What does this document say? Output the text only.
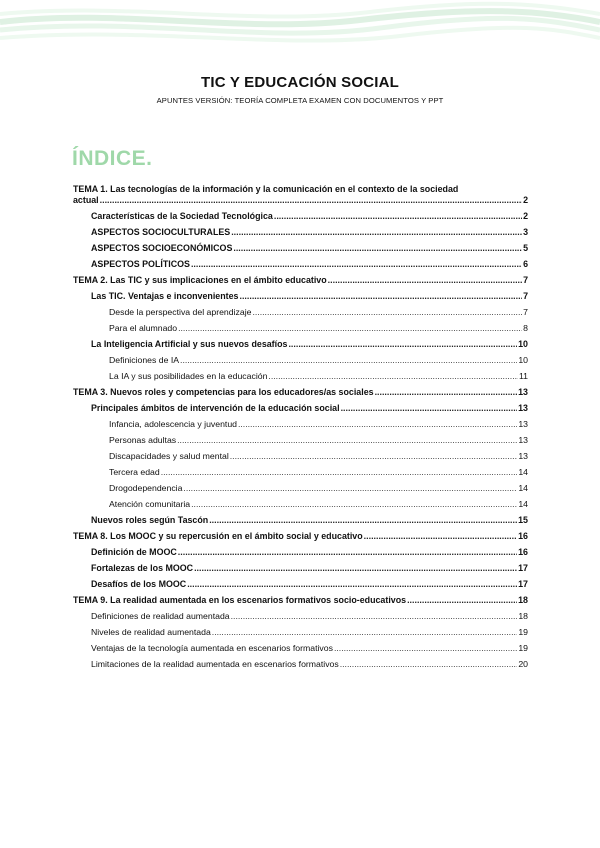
TIC Y EDUCACIÓN SOCIAL
APUNTES VERSIÓN: TEORÍA COMPLETA EXAMEN CON DOCUMENTOS Y PPT
ÍNDICE.
TEMA 1. Las tecnologías de la información y la comunicación en el contexto de la sociedad
actual .....	2
Características de la Sociedad Tecnológica .....	2
ASPECTOS SOCIOCULTURALES .....	3
ASPECTOS SOCIOECONÓMICOS .....	5
ASPECTOS POLÍTICOS .....	6
TEMA 2. Las TIC y sus implicaciones en el ámbito educativo .....	7
Las TIC. Ventajas e inconvenientes .....	7
Desde la perspectiva del aprendizaje .....	7
Para el alumnado .....	8
La Inteligencia Artificial y sus nuevos desafíos .....	10
Definiciones de IA .....	10
La IA y sus posibilidades en la educación .....	11
TEMA 3. Nuevos roles y competencias para los educadores/as sociales .....	13
Principales ámbitos de intervención de la educación social .....	13
Infancia, adolescencia y juventud .....	13
Personas adultas .....	13
Discapacidades y salud mental .....	13
Tercera edad .....	14
Drogodependencia .....	14
Atención comunitaria .....	14
Nuevos roles según Tascón .....	15
TEMA 8. Los MOOC y su repercusión en el ámbito social y educativo .....	16
Definición de MOOC .....	16
Fortalezas de los MOOC .....	17
Desafíos de los MOOC .....	17
TEMA 9. La realidad aumentada en los escenarios formativos socio-educativos .....	18
Definiciones de realidad aumentada .....	18
Niveles de realidad aumentada .....	19
Ventajas de la tecnología aumentada en escenarios formativos .....	19
Limitaciones de la realidad aumentada en escenarios formativos .....	20
